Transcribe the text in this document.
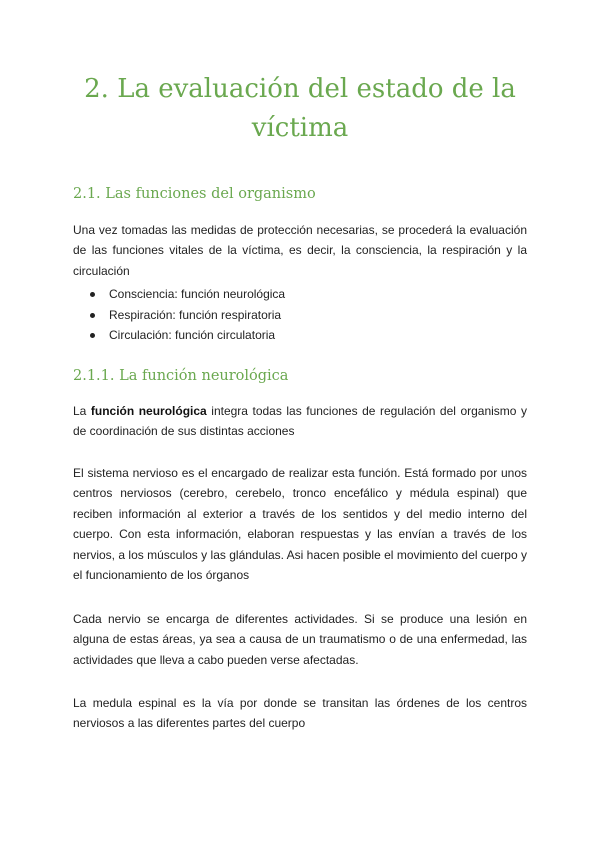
2. La evaluación del estado de la víctima
2.1. Las funciones del organismo

Una vez tomadas las medidas de protección necesarias, se procederá la evaluación de las funciones vitales de la víctima, es decir, la consciencia, la respiración y la circulación

Consciencia: función neurológica
Respiración: función respiratoria
Circulación: función circulatoria
2.1.1. La función neurológica

La función neurológica integra todas las funciones de regulación del organismo y de coordinación de sus distintas acciones

El sistema nervioso es el encargado de realizar esta función. Está formado por unos centros nerviosos (cerebro, cerebelo, tronco encefálico y médula espinal) que reciben información al exterior a través de los sentidos y del medio interno del cuerpo. Con esta información, elaboran respuestas y las envían a través de los nervios, a los músculos y las glándulas. Asi hacen posible el movimiento del cuerpo y el funcionamiento de los órganos

Cada nervio se encarga de diferentes actividades. Si se produce una lesión en alguna de estas áreas, ya sea a causa de un traumatismo o de una enfermedad, las actividades que lleva a cabo pueden verse afectadas.

La medula espinal es la vía por donde se transitan las órdenes de los centros nerviosos a las diferentes partes del cuerpo
